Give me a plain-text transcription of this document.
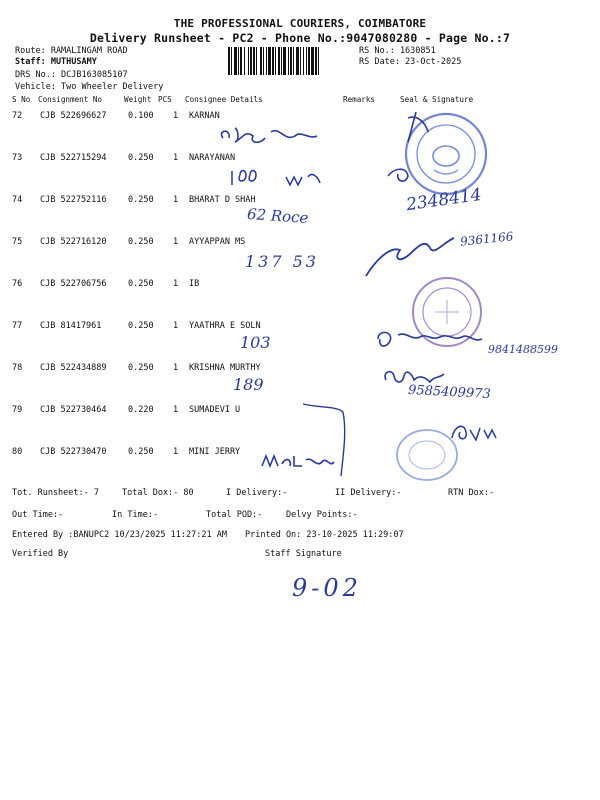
THE PROFESSIONAL COURIERS, COIMBATORE
Delivery Runsheet - PC2 - Phone No.:9047080280 - Page No.:7
Route: RAMALINGAM ROAD
Staff: MUTHUSAMY
DRS No.: DCJB163085107
Vehicle: Two Wheeler Delivery
RS No.: 1630851
RS Date: 23-Oct-2025
S No Consignment No	Weight PCS Consignee Details	Remarks	Seal & Signature
72 CJB 522696627	0.100 1 KARNAN
73 CJB 522715294	0.250 1 NARAYANAN
74 CJB 522752116	0.250 1 BHARAT D SHAH
75 CJB 522716120	0.250 1 AYYAPPAN MS
76 CJB 522706756	0.250 1 IB
77 CJB 81417961	0.250 1 YAATHRA E SOLN
78 CJB 522434889	0.250 1 KRISHNA MURTHY
79 CJB 522730464	0.220 1 SUMADEVI U
80 CJB 522730470	0.250 1 MINI JERRY
62 Roce
137 53
103
189
2348414
9361166
9841488599
9585409973
Tot. Runsheet:- 7	Total Dox:- 80	I Delivery:-	II Delivery:-	RTN Dox:-
Out Time:-	In Time:-	Total POD:-	Delvy Points:-
Entered By :BANUPC2 10/23/2025 11:27:21 AM Printed On: 23-10-2025 11:29:07
Verified By	Staff Signature
9-02
